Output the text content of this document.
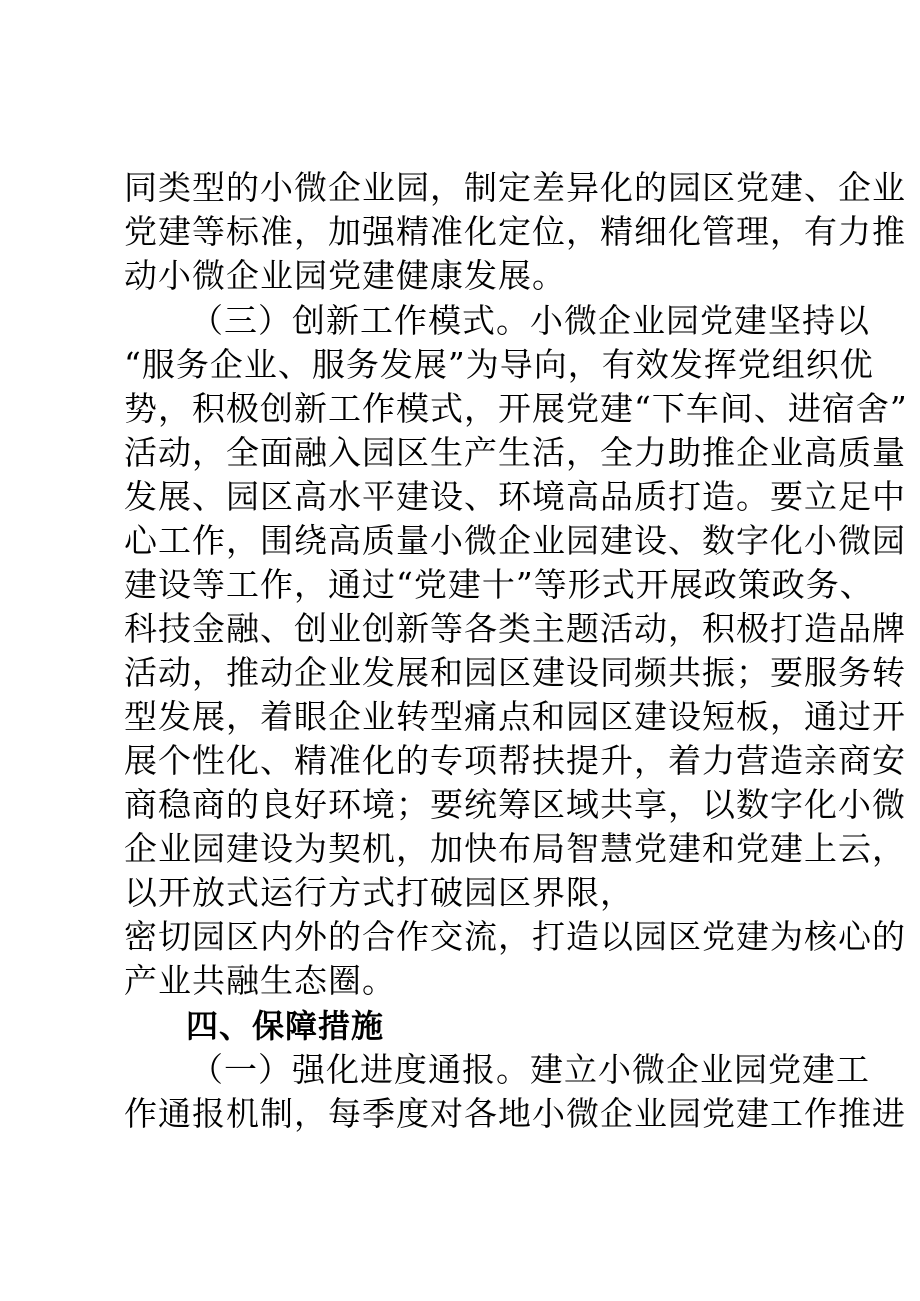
同类型的小微企业园，制定差异化的园区党建、企业
党建等标准，加强精准化定位，精细化管理，有力推
动小微企业园党建健康发展。
（三）创新工作模式。小微企业园党建坚持以
“服务企业、服务发展”为导向，有效发挥党组织优
势，积极创新工作模式，开展党建“下车间、进宿舍”
活动，全面融入园区生产生活，全力助推企业高质量
发展、园区高水平建设、环境高品质打造。要立足中
心工作，围绕高质量小微企业园建设、数字化小微园
建设等工作，通过“党建十”等形式开展政策政务、
科技金融、创业创新等各类主题活动，积极打造品牌
活动，推动企业发展和园区建设同频共振；要服务转
型发展，着眼企业转型痛点和园区建设短板，通过开
展个性化、精准化的专项帮扶提升，着力营造亲商安
商稳商的良好环境；要统筹区域共享，以数字化小微
企业园建设为契机，加快布局智慧党建和党建上云，
以开放式运行方式打破园区界限，
密切园区内外的合作交流，打造以园区党建为核心的
产业共融生态圈。
四、保障措施
（一）强化进度通报。建立小微企业园党建工
作通报机制，每季度对各地小微企业园党建工作推进
